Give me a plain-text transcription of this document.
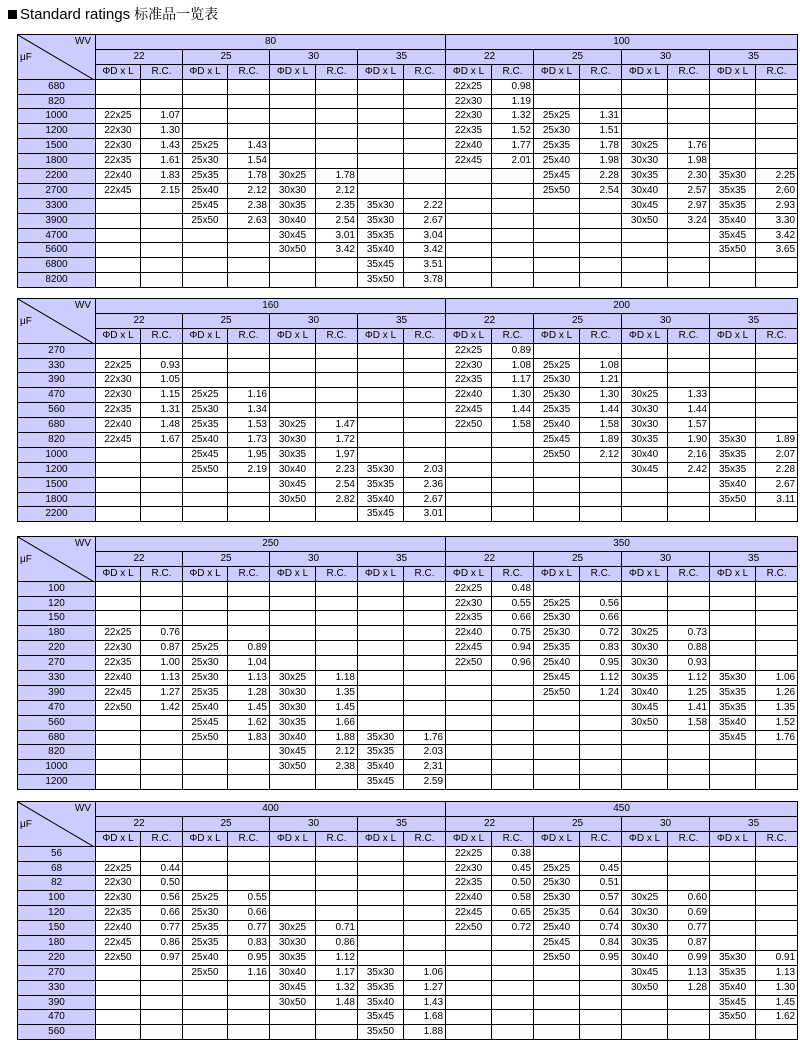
Standard ratings 标准品一览表
WV
μF	80								100							
	22		25		30		35		22		25		30		35	
	ΦD x L	R.C.	ΦD x L	R.C.	ΦD x L	R.C.	ΦD x L	R.C.	ΦD x L	R.C.	ΦD x L	R.C.	ΦD x L	R.C.	ΦD x L	R.C.
680									22x25	0.98						
820									22x30	1.19						
1000	22x25	1.07							22x30	1.32	25x25	1.31				
1200	22x30	1.30							22x35	1.52	25x30	1.51				
1500	22x30	1.43	25x25	1.43					22x40	1.77	25x35	1.78	30x25	1.76		
1800	22x35	1.61	25x30	1.54					22x45	2.01	25x40	1.98	30x30	1.98		
2200	22x40	1.83	25x35	1.78	30x25	1.78					25x45	2.28	30x35	2.30	35x30	2.25
2700	22x45	2.15	25x40	2.12	30x30	2.12					25x50	2.54	30x40	2.57	35x35	2.60
3300			25x45	2.38	30x35	2.35	35x30	2.22					30x45	2.97	35x35	2.93
3900			25x50	2.63	30x40	2.54	35x30	2.67					30x50	3.24	35x40	3.30
4700					30x45	3.01	35x35	3.04							35x45	3.42
5600					30x50	3.42	35x40	3.42							35x50	3.65
6800							35x45	3.51								
8200							35x50	3.78								
WV
μF	160								200							
	22		25		30		35		22		25		30		35	
	ΦD x L	R.C.	ΦD x L	R.C.	ΦD x L	R.C.	ΦD x L	R.C.	ΦD x L	R.C.	ΦD x L	R.C.	ΦD x L	R.C.	ΦD x L	R.C.
270									22x25	0.89						
330	22x25	0.93							22x30	1.08	25x25	1.08				
390	22x30	1.05							22x35	1.17	25x30	1.21				
470	22x30	1.15	25x25	1.16					22x40	1.30	25x30	1.30	30x25	1.33		
560	22x35	1.31	25x30	1.34					22x45	1.44	25x35	1.44	30x30	1.44		
680	22x40	1.48	25x35	1.53	30x25	1.47			22x50	1.58	25x40	1.58	30x30	1.57		
820	22x45	1.67	25x40	1.73	30x30	1.72					25x45	1.89	30x35	1.90	35x30	1.89
1000			25x45	1.95	30x35	1.97					25x50	2.12	30x40	2.16	35x35	2.07
1200			25x50	2.19	30x40	2.23	35x30	2.03					30x45	2.42	35x35	2.28
1500					30x45	2.54	35x35	2.36							35x40	2.67
1800					30x50	2.82	35x40	2.67							35x50	3.11
2200							35x45	3.01								
WV
μF	250								350							
	22		25		30		35		22		25		30		35	
	ΦD x L	R.C.	ΦD x L	R.C.	ΦD x L	R.C.	ΦD x L	R.C.	ΦD x L	R.C.	ΦD x L	R.C.	ΦD x L	R.C.	ΦD x L	R.C.
100									22x25	0.48						
120									22x30	0.55	25x25	0.56				
150									22x35	0.66	25x30	0.66				
180	22x25	0.76							22x40	0.75	25x30	0.72	30x25	0.73		
220	22x30	0.87	25x25	0.89					22x45	0.94	25x35	0.83	30x30	0.88		
270	22x35	1.00	25x30	1.04					22x50	0.96	25x40	0.95	30x30	0.93		
330	22x40	1.13	25x30	1.13	30x25	1.18					25x45	1.12	30x35	1.12	35x30	1.06
390	22x45	1.27	25x35	1.28	30x30	1.35					25x50	1.24	30x40	1.25	35x35	1.26
470	22x50	1.42	25x40	1.45	30x30	1.45							30x45	1.41	35x35	1.35
560			25x45	1.62	30x35	1.66							30x50	1.58	35x40	1.52
680			25x50	1.83	30x40	1.88	35x30	1.76							35x45	1.76
820					30x45	2.12	35x35	2.03								
1000					30x50	2.38	35x40	2.31								
1200							35x45	2.59								
WV
μF	400								450							
	22		25		30		35		22		25		30		35	
	ΦD x L	R.C.	ΦD x L	R.C.	ΦD x L	R.C.	ΦD x L	R.C.	ΦD x L	R.C.	ΦD x L	R.C.	ΦD x L	R.C.	ΦD x L	R.C.
56									22x25	0.38						
68	22x25	0.44							22x30	0.45	25x25	0.45				
82	22x30	0.50							22x35	0.50	25x30	0.51				
100	22x30	0.56	25x25	0.55					22x40	0.58	25x30	0.57	30x25	0.60		
120	22x35	0.66	25x30	0.66					22x45	0.65	25x35	0.64	30x30	0.69		
150	22x40	0.77	25x35	0.77	30x25	0.71			22x50	0.72	25x40	0.74	30x30	0.77		
180	22x45	0.86	25x35	0.83	30x30	0.86					25x45	0.84	30x35	0.87		
220	22x50	0.97	25x40	0.95	30x35	1.12					25x50	0.95	30x40	0.99	35x30	0.91
270			25x50	1.16	30x40	1.17	35x30	1.06					30x45	1.13	35x35	1.13
330					30x45	1.32	35x35	1.27					30x50	1.28	35x40	1.30
390					30x50	1.48	35x40	1.43							35x45	1.45
470							35x45	1.68							35x50	1.62
560							35x50	1.88								
